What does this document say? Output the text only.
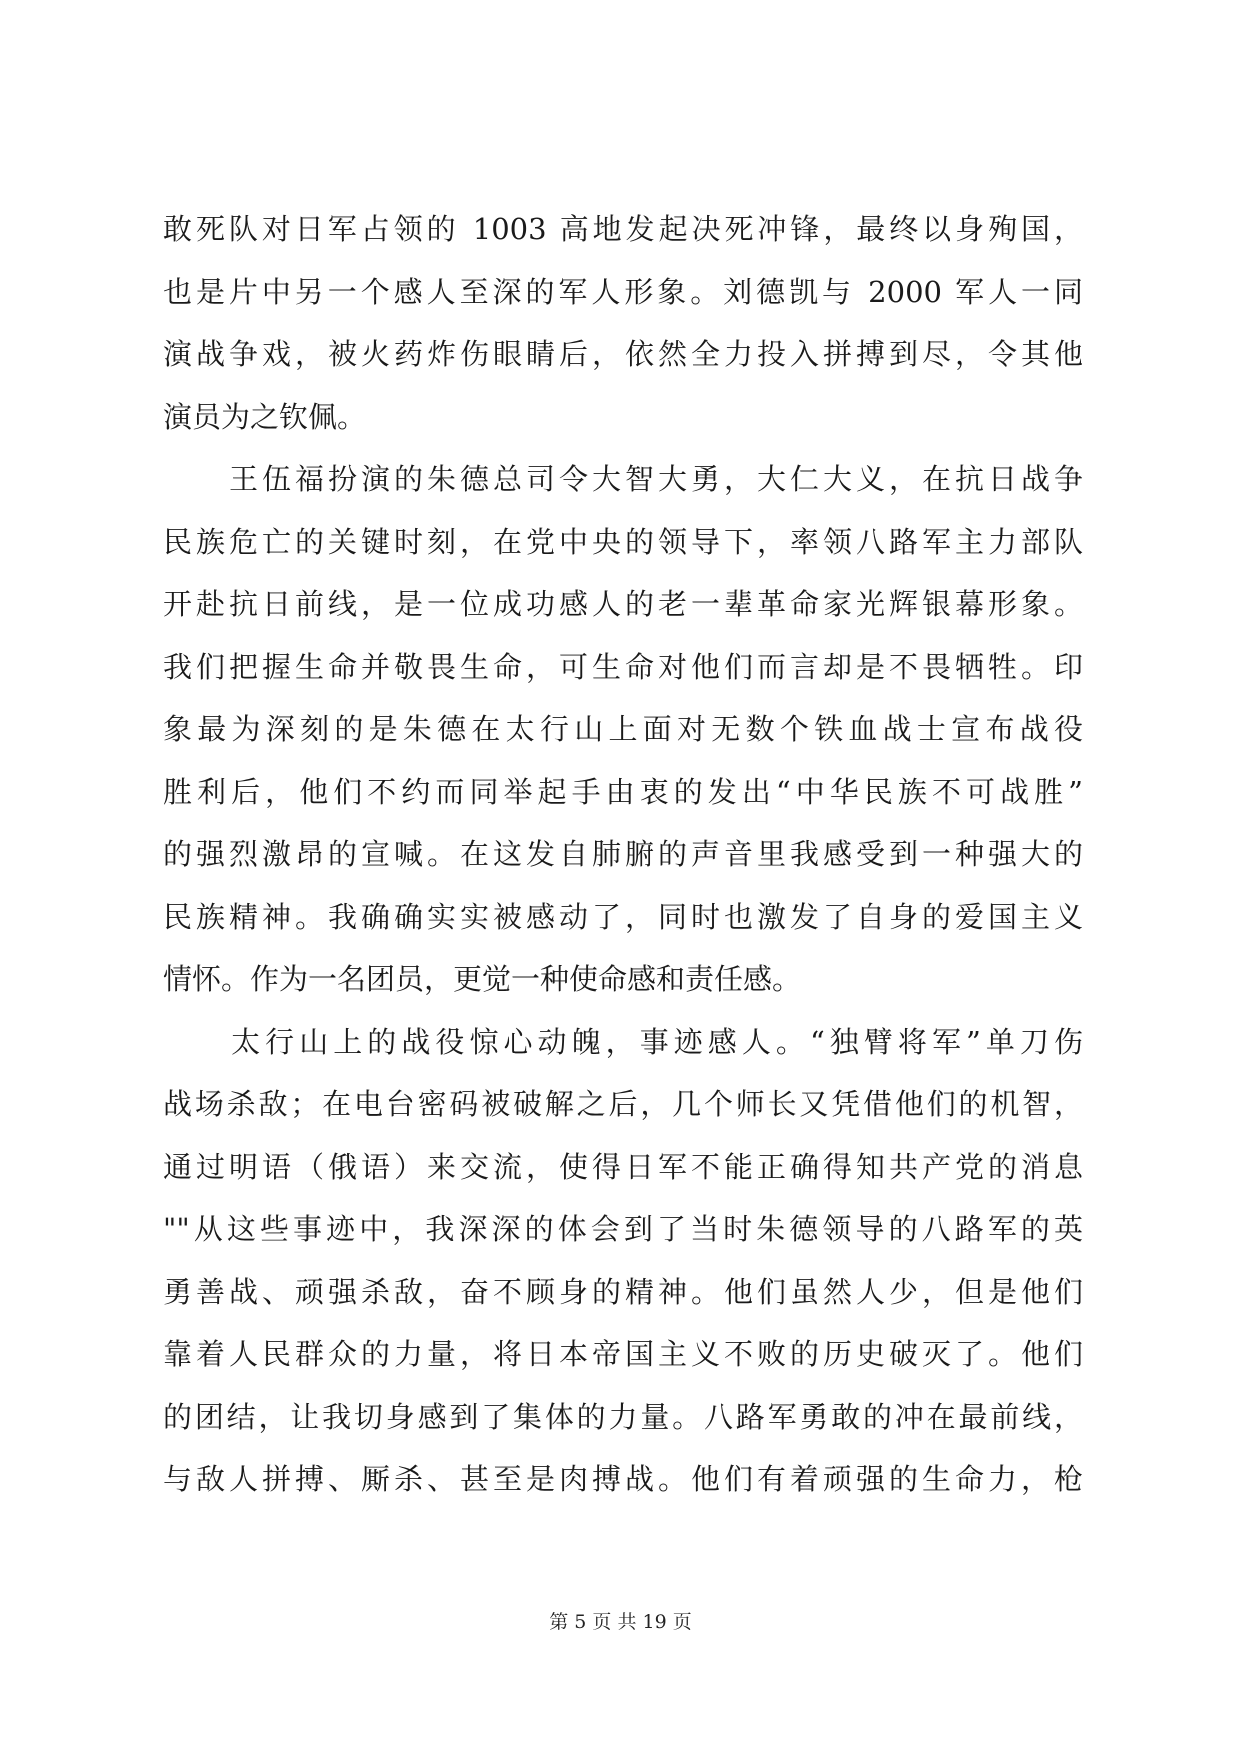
敢死队对日军占领的 1003 高地发起决死冲锋，最终以身殉国，
也是片中另一个感人至深的军人形象。刘德凯与 2000 军人一同
演战争戏，被火药炸伤眼睛后，依然全力投入拼搏到尽，令其他
演员为之钦佩。
　　王伍福扮演的朱德总司令大智大勇，大仁大义，在抗日战争
民族危亡的关键时刻，在党中央的领导下，率领八路军主力部队
开赴抗日前线，是一位成功感人的老一辈革命家光辉银幕形象。
我们把握生命并敬畏生命，可生命对他们而言却是不畏牺牲。印
象最为深刻的是朱德在太行山上面对无数个铁血战士宣布战役
胜利后，他们不约而同举起手由衷的发出“中华民族不可战胜”
的强烈激昂的宣喊。在这发自肺腑的声音里我感受到一种强大的
民族精神。我确确实实被感动了，同时也激发了自身的爱国主义
情怀。作为一名团员，更觉一种使命感和责任感。
　　太行山上的战役惊心动魄，事迹感人。“独臂将军”单刀伤
战场杀敌；在电台密码被破解之后，几个师长又凭借他们的机智，
通过明语（俄语）来交流，使得日军不能正确得知共产党的消息
""从这些事迹中，我深深的体会到了当时朱德领导的八路军的英
勇善战、顽强杀敌，奋不顾身的精神。他们虽然人少，但是他们
靠着人民群众的力量，将日本帝国主义不败的历史破灭了。他们
的团结，让我切身感到了集体的力量。八路军勇敢的冲在最前线，
与敌人拼搏、厮杀、甚至是肉搏战。他们有着顽强的生命力，枪
第 5 页 共 19 页
